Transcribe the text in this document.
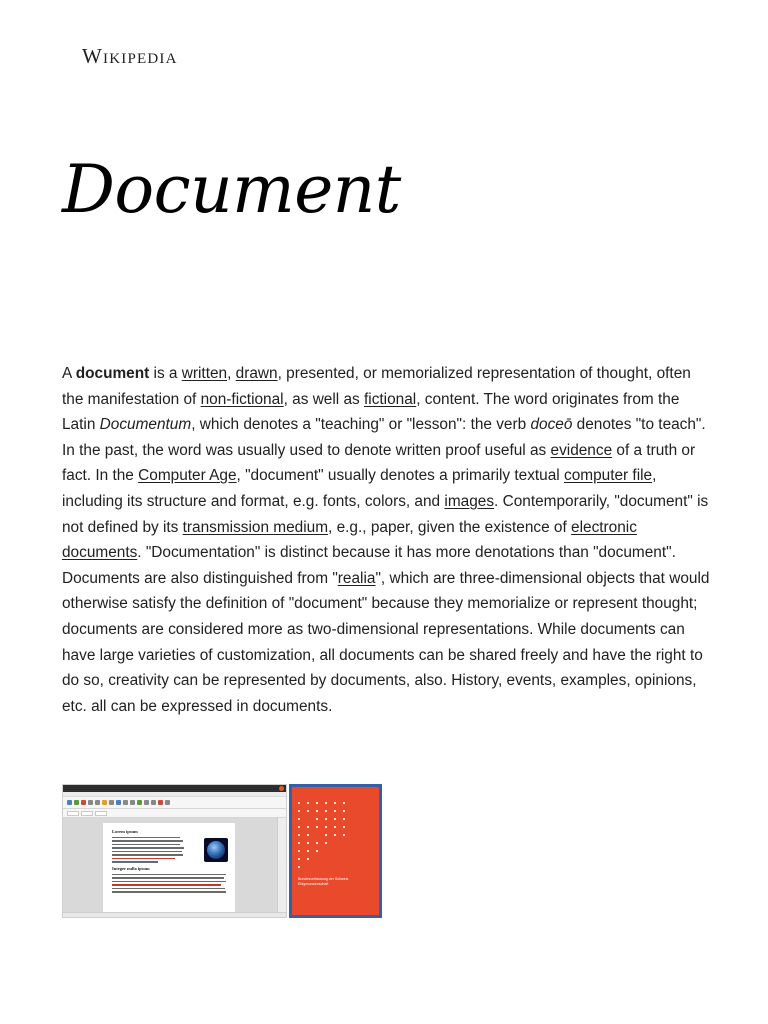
Wikipedia
Document

A document is a written, drawn, presented, or memorialized representation of thought, often the manifestation of non-fictional, as well as fictional, content. The word originates from the Latin Documentum, which denotes a "teaching" or "lesson": the verb doceō denotes "to teach". In the past, the word was usually used to denote written proof useful as evidence of a truth or fact. In the Computer Age, "document" usually denotes a primarily textual computer file, including its structure and format, e.g. fonts, colors, and images. Contemporarily, "document" is not defined by its transmission medium, e.g., paper, given the existence of electronic documents. "Documentation" is distinct because it has more denotations than "document". Documents are also distinguished from "realia", which are three-dimensional objects that would otherwise satisfy the definition of "document" because they memorialize or represent thought; documents are considered more as two-dimensional representations. While documents can have large varieties of customization, all documents can be shared freely and have the right to do so, creativity can be represented by documents, also. History, events, examples, opinions, etc. all can be expressed in documents.

Lorem ipsum
Integer nulla ipsum
Bundesverfassung der Schweiz. Eidgenossenschaft
